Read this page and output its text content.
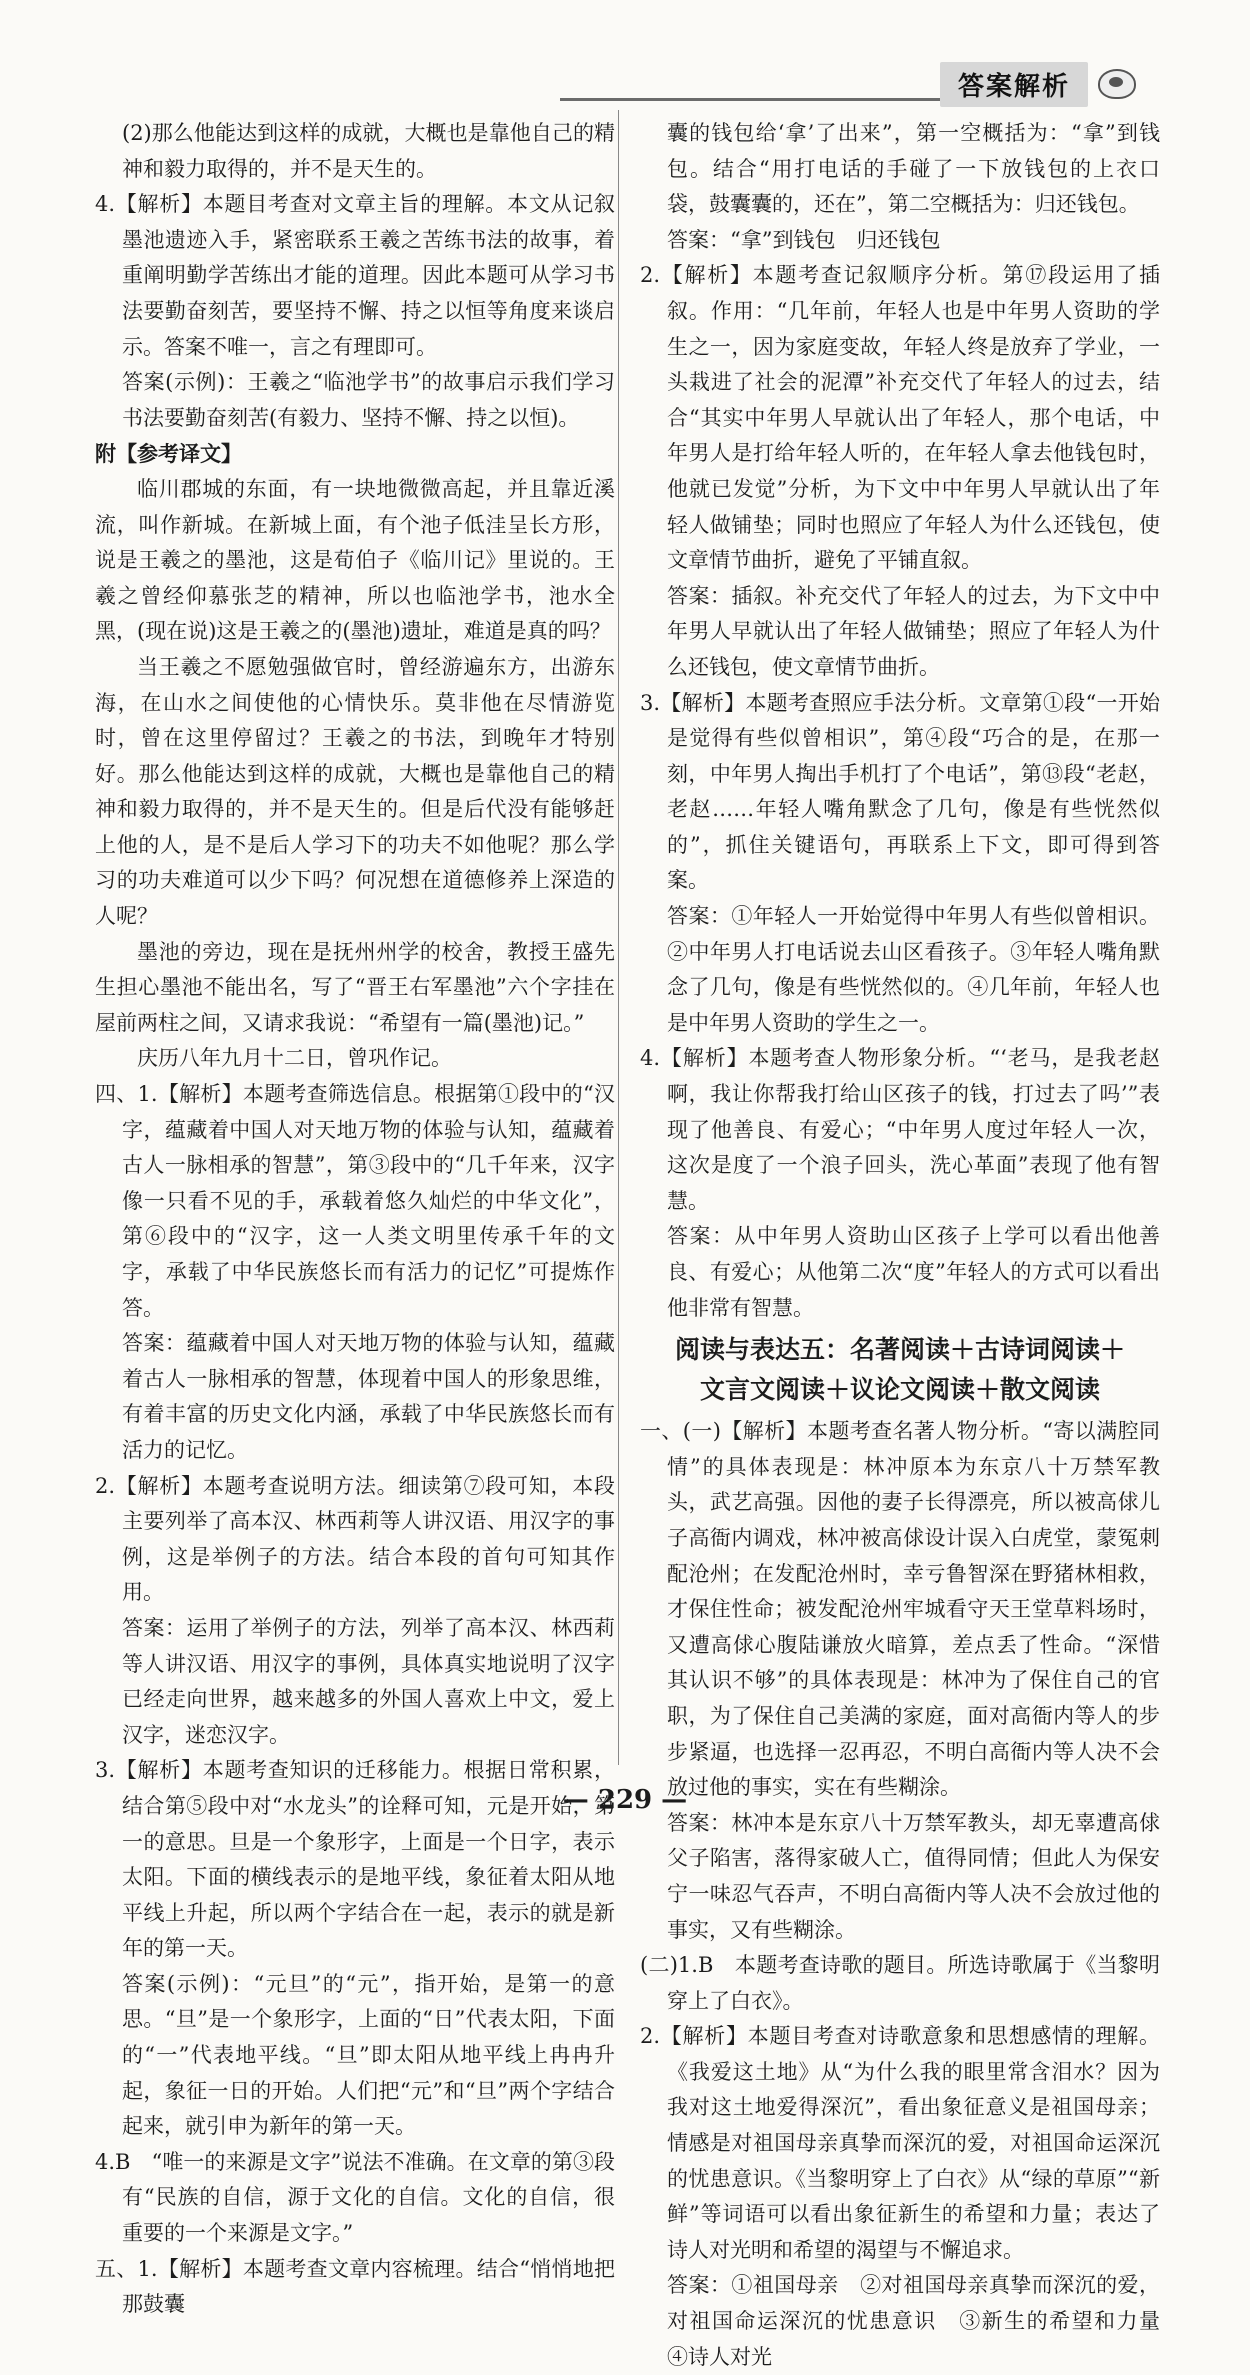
答案解析

(2)那么他能达到这样的成就，大概也是靠他自己的精神和毅力取得的，并不是天生的。

4.【解析】本题目考查对文章主旨的理解。本文从记叙墨池遗迹入手，紧密联系王羲之苦练书法的故事，着重阐明勤学苦练出才能的道理。因此本题可从学习书法要勤奋刻苦，要坚持不懈、持之以恒等角度来谈启示。答案不唯一，言之有理即可。

答案(示例)：王羲之“临池学书”的故事启示我们学习书法要勤奋刻苦(有毅力、坚持不懈、持之以恒)。

附【参考译文】

临川郡城的东面，有一块地微微高起，并且靠近溪流，叫作新城。在新城上面，有个池子低洼呈长方形，说是王羲之的墨池，这是荀伯子《临川记》里说的。王羲之曾经仰慕张芝的精神，所以也临池学书，池水全黑，(现在说)这是王羲之的(墨池)遗址，难道是真的吗？

当王羲之不愿勉强做官时，曾经游遍东方，出游东海，在山水之间使他的心情快乐。莫非他在尽情游览时，曾在这里停留过？王羲之的书法，到晚年才特别好。那么他能达到这样的成就，大概也是靠他自己的精神和毅力取得的，并不是天生的。但是后代没有能够赶上他的人，是不是后人学习下的功夫不如他呢？那么学习的功夫难道可以少下吗？何况想在道德修养上深造的人呢？

墨池的旁边，现在是抚州州学的校舍，教授王盛先生担心墨池不能出名，写了“晋王右军墨池”六个字挂在屋前两柱之间，又请求我说：“希望有一篇(墨池)记。”

庆历八年九月十二日，曾巩作记。

四、1.【解析】本题考查筛选信息。根据第①段中的“汉字，蕴藏着中国人对天地万物的体验与认知，蕴藏着古人一脉相承的智慧”，第③段中的“几千年来，汉字像一只看不见的手，承载着悠久灿烂的中华文化”，第⑥段中的“汉字，这一人类文明里传承千年的文字，承载了中华民族悠长而有活力的记忆”可提炼作答。

答案：蕴藏着中国人对天地万物的体验与认知，蕴藏着古人一脉相承的智慧，体现着中国人的形象思维，有着丰富的历史文化内涵，承载了中华民族悠长而有活力的记忆。

2.【解析】本题考查说明方法。细读第⑦段可知，本段主要列举了高本汉、林西莉等人讲汉语、用汉字的事例，这是举例子的方法。结合本段的首句可知其作用。

答案：运用了举例子的方法，列举了高本汉、林西莉等人讲汉语、用汉字的事例，具体真实地说明了汉字已经走向世界，越来越多的外国人喜欢上中文，爱上汉字，迷恋汉字。

3.【解析】本题考查知识的迁移能力。根据日常积累，结合第⑤段中对“水龙头”的诠释可知，元是开始，第一的意思。旦是一个象形字，上面是一个日字，表示太阳。下面的横线表示的是地平线，象征着太阳从地平线上升起，所以两个字结合在一起，表示的就是新年的第一天。

答案(示例)：“元旦”的“元”，指开始，是第一的意思。“旦”是一个象形字，上面的“日”代表太阳，下面的“一”代表地平线。“旦”即太阳从地平线上冉冉升起，象征一日的开始。人们把“元”和“旦”两个字结合起来，就引申为新年的第一天。

4.B　“唯一的来源是文字”说法不准确。在文章的第③段有“民族的自信，源于文化的自信。文化的自信，很重要的一个来源是文字。”

五、1.【解析】本题考查文章内容梳理。结合“悄悄地把那鼓囊

囊的钱包给‘拿’了出来”，第一空概括为：“拿”到钱包。结合“用打电话的手碰了一下放钱包的上衣口袋，鼓囊囊的，还在”，第二空概括为：归还钱包。

答案：“拿”到钱包　归还钱包

2.【解析】本题考查记叙顺序分析。第⑰段运用了插叙。作用：“几年前，年轻人也是中年男人资助的学生之一，因为家庭变故，年轻人终是放弃了学业，一头栽进了社会的泥潭”补充交代了年轻人的过去，结合“其实中年男人早就认出了年轻人，那个电话，中年男人是打给年轻人听的，在年轻人拿去他钱包时，他就已发觉”分析，为下文中中年男人早就认出了年轻人做铺垫；同时也照应了年轻人为什么还钱包，使文章情节曲折，避免了平铺直叙。

答案：插叙。补充交代了年轻人的过去，为下文中中年男人早就认出了年轻人做铺垫；照应了年轻人为什么还钱包，使文章情节曲折。

3.【解析】本题考查照应手法分析。文章第①段“一开始是觉得有些似曾相识”，第④段“巧合的是，在那一刻，中年男人掏出手机打了个电话”，第⑬段“老赵，老赵……年轻人嘴角默念了几句，像是有些恍然似的”，抓住关键语句，再联系上下文，即可得到答案。

答案：①年轻人一开始觉得中年男人有些似曾相识。②中年男人打电话说去山区看孩子。③年轻人嘴角默念了几句，像是有些恍然似的。④几年前，年轻人也是中年男人资助的学生之一。

4.【解析】本题考查人物形象分析。“‘老马，是我老赵啊，我让你帮我打给山区孩子的钱，打过去了吗’”表现了他善良、有爱心；“中年男人度过年轻人一次，这次是度了一个浪子回头，洗心革面”表现了他有智慧。

答案：从中年男人资助山区孩子上学可以看出他善良、有爱心；从他第二次“度”年轻人的方式可以看出他非常有智慧。

阅读与表达五：名著阅读＋古诗词阅读＋
文言文阅读＋议论文阅读＋散文阅读

一、(一)【解析】本题考查名著人物分析。“寄以满腔同情”的具体表现是：林冲原本为东京八十万禁军教头，武艺高强。因他的妻子长得漂亮，所以被高俅儿子高衙内调戏，林冲被高俅设计误入白虎堂，蒙冤刺配沧州；在发配沧州时，幸亏鲁智深在野猪林相救，才保住性命；被发配沧州牢城看守天王堂草料场时，又遭高俅心腹陆谦放火暗算，差点丢了性命。“深惜其认识不够”的具体表现是：林冲为了保住自己的官职，为了保住自己美满的家庭，面对高衙内等人的步步紧逼，也选择一忍再忍，不明白高衙内等人决不会放过他的事实，实在有些糊涂。

答案：林冲本是东京八十万禁军教头，却无辜遭高俅父子陷害，落得家破人亡，值得同情；但此人为保安宁一味忍气吞声，不明白高衙内等人决不会放过他的事实，又有些糊涂。

(二)1.B　本题考查诗歌的题目。所选诗歌属于《当黎明穿上了白衣》。

2.【解析】本题目考查对诗歌意象和思想感情的理解。《我爱这土地》从“为什么我的眼里常含泪水？因为我对这土地爱得深沉”，看出象征意义是祖国母亲；情感是对祖国母亲真挚而深沉的爱，对祖国命运深沉的忧患意识。《当黎明穿上了白衣》从“绿的草原”“新鲜”等词语可以看出象征新生的希望和力量；表达了诗人对光明和希望的渴望与不懈追求。

答案：①祖国母亲　②对祖国母亲真挚而深沉的爱，对祖国命运深沉的忧患意识　③新生的希望和力量　④诗人对光

— 229 —
